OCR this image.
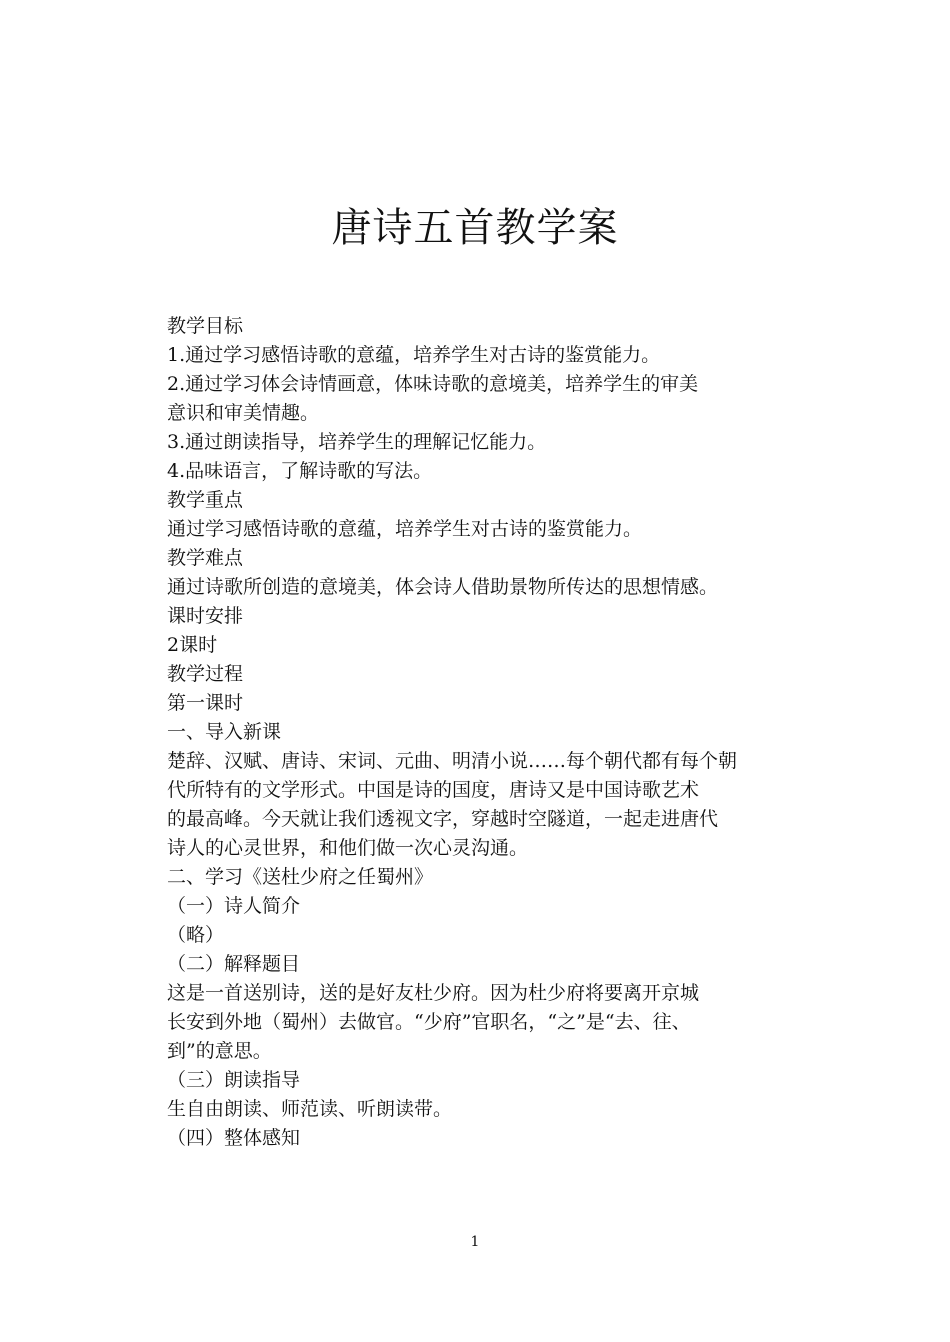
唐诗五首教学案

教学目标

1.通过学习感悟诗歌的意蕴，培养学生对古诗的鉴赏能力。

2.通过学习体会诗情画意，体味诗歌的意境美，培养学生的审美

意识和审美情趣。

3.通过朗读指导，培养学生的理解记忆能力。

4.品味语言，了解诗歌的写法。

教学重点

通过学习感悟诗歌的意蕴，培养学生对古诗的鉴赏能力。

教学难点

通过诗歌所创造的意境美，体会诗人借助景物所传达的思想情感。

课时安排

2课时

教学过程

第一课时

一、导入新课

楚辞、汉赋、唐诗、宋词、元曲、明清小说……每个朝代都有每个朝

代所特有的文学形式。中国是诗的国度，唐诗又是中国诗歌艺术

的最高峰。今天就让我们透视文字，穿越时空隧道，一起走进唐代

诗人的心灵世界，和他们做一次心灵沟通。

二、学习《送杜少府之任蜀州》

（一）诗人简介

（略）

（二）解释题目

这是一首送别诗，送的是好友杜少府。因为杜少府将要离开京城

长安到外地（蜀州）去做官。“少府”官职名，“之”是“去、往、

到”的意思。

（三）朗读指导

生自由朗读、师范读、听朗读带。

（四）整体感知

1
